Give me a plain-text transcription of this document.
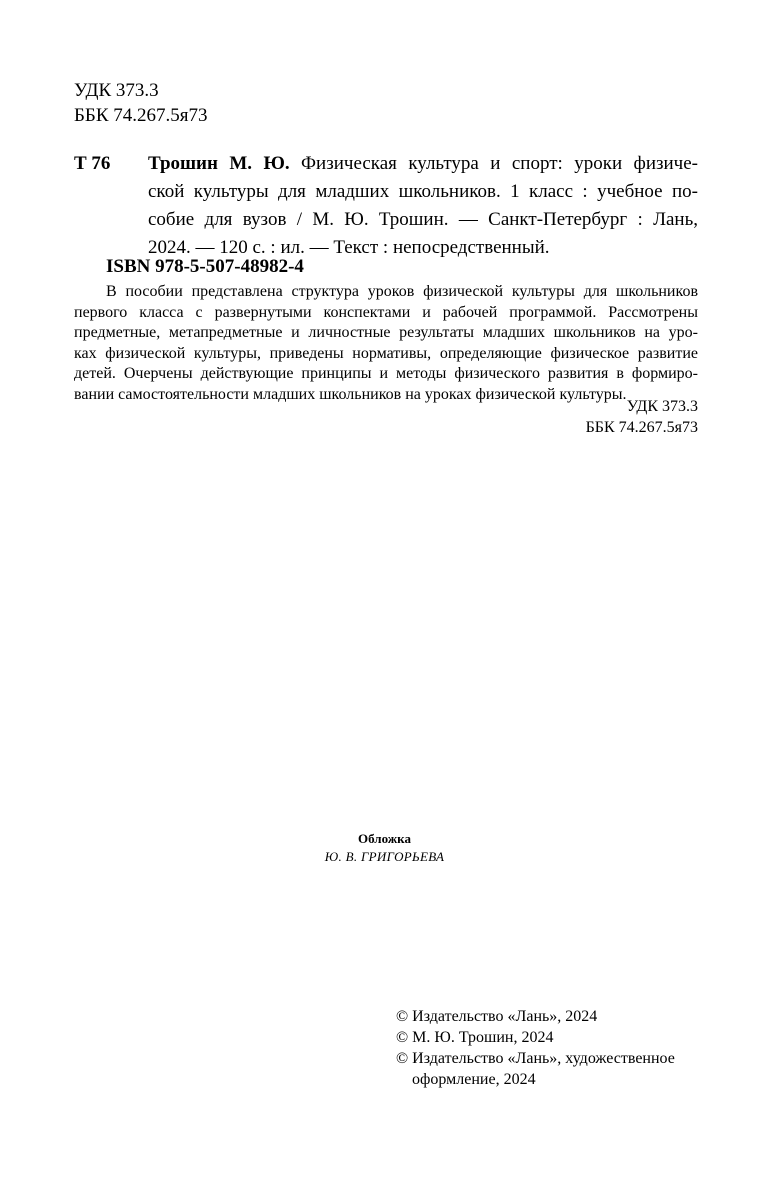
УДК 373.3
ББК 74.267.5я73
Т 76 Трошин М. Ю. Физическая культура и спорт: уроки физиче-
ской культуры для младших школьников. 1 класс : учебное по-
собие для вузов / М. Ю. Трошин. — Санкт-Петербург : Лань,
2024. — 120 с. : ил. — Текст : непосредственный.
ISBN 978-5-507-48982-4
В пособии представлена структура уроков физической культуры для школьников
первого класса с развернутыми конспектами и рабочей программой. Рассмотрены
предметные, метапредметные и личностные результаты младших школьников на уро-
ках физической культуры, приведены нормативы, определяющие физическое развитие
детей. Очерчены действующие принципы и методы физического развития в формиро-
вании самостоятельности младших школьников на уроках физической культуры.
УДК 373.3
ББК 74.267.5я73
Обложка
Ю. В. ГРИГОРЬЕВА
© Издательство «Лань», 2024
© М. Ю. Трошин, 2024
© Издательство «Лань», художественное
оформление, 2024
